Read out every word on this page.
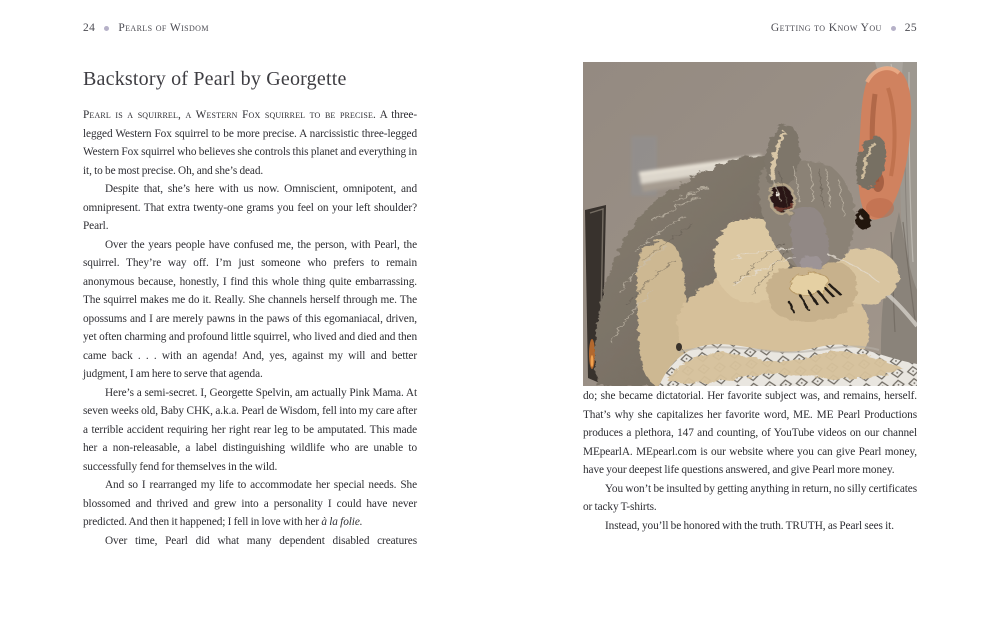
24 Pearls of Wisdom	Getting to Know You 25
Backstory of Pearl by Georgette

Pearl is a squirrel, a Western Fox squirrel to be precise. A three-legged Western Fox squirrel to be more precise. A narcissistic three-legged Western Fox squirrel who believes she controls this planet and everything in it, to be most precise. Oh, and she’s dead.

Despite that, she’s here with us now. Omniscient, omnipotent, and omnipresent. That extra twenty-one grams you feel on your left shoulder? Pearl.

Over the years people have confused me, the person, with Pearl, the squirrel. They’re way off. I’m just someone who prefers to remain anonymous because, honestly, I find this whole thing quite embarrassing. The squirrel makes me do it. Really. She channels herself through me. The opossums and I are merely pawns in the paws of this egomaniacal, driven, yet often charming and profound little squirrel, who lived and died and then came back . . . with an agenda! And, yes, against my will and better judgment, I am here to serve that agenda.

Here’s a semi-secret. I, Georgette Spelvin, am actually Pink Mama. At seven weeks old, Baby CHK, a.k.a. Pearl de Wisdom, fell into my care after a terrible accident requiring her right rear leg to be amputated. This made her a non-releasable, a label distinguishing wildlife who are unable to successfully fend for themselves in the wild.

And so I rearranged my life to accommodate her special needs. She blossomed and thrived and grew into a personality I could have never predicted. And then it happened; I fell in love with her à la folie.

Over time, Pearl did what many dependent disabled creatures

do; she became dictatorial. Her favorite subject was, and remains, herself. That’s why she capitalizes her favorite word, ME. ME Pearl Productions produces a plethora, 147 and counting, of YouTube videos on our channel MEpearlA. MEpearl.com is our website where you can give Pearl money, have your deepest life questions answered, and give Pearl more money.

You won’t be insulted by getting anything in return, no silly certificates or tacky T-shirts.

Instead, you’ll be honored with the truth. TRUTH, as Pearl sees it.
